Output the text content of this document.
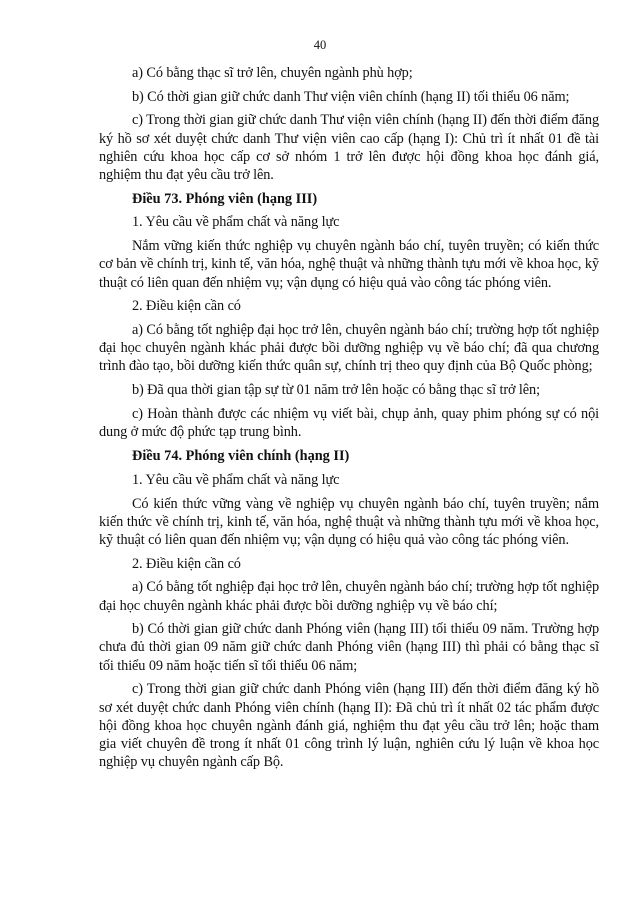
40

a) Có bằng thạc sĩ trở lên, chuyên ngành phù hợp;

b) Có thời gian giữ chức danh Thư viện viên chính (hạng II) tối thiểu 06 năm;

c) Trong thời gian giữ chức danh Thư viện viên chính (hạng II) đến thời điểm đăng ký hồ sơ xét duyệt chức danh Thư viện viên cao cấp (hạng I): Chủ trì ít nhất 01 đề tài nghiên cứu khoa học cấp cơ sở nhóm 1 trở lên được hội đồng khoa học đánh giá, nghiệm thu đạt yêu cầu trở lên.

Điều 73. Phóng viên (hạng III)

1. Yêu cầu về phẩm chất và năng lực

Nắm vững kiến thức nghiệp vụ chuyên ngành báo chí, tuyên truyền; có kiến thức cơ bản về chính trị, kinh tế, văn hóa, nghệ thuật và những thành tựu mới về khoa học, kỹ thuật có liên quan đến nhiệm vụ; vận dụng có hiệu quả vào công tác phóng viên.

2. Điều kiện cần có

a) Có bằng tốt nghiệp đại học trở lên, chuyên ngành báo chí; trường hợp tốt nghiệp đại học chuyên ngành khác phải được bồi dưỡng nghiệp vụ về báo chí; đã qua chương trình đào tạo, bồi dưỡng kiến thức quân sự, chính trị theo quy định của Bộ Quốc phòng;

b) Đã qua thời gian tập sự từ 01 năm trở lên hoặc có bằng thạc sĩ trở lên;

c) Hoàn thành được các nhiệm vụ viết bài, chụp ảnh, quay phim phóng sự có nội dung ở mức độ phức tạp trung bình.

Điều 74. Phóng viên chính (hạng II)

1. Yêu cầu về phẩm chất và năng lực

Có kiến thức vững vàng về nghiệp vụ chuyên ngành báo chí, tuyên truyền; nắm kiến thức về chính trị, kinh tế, văn hóa, nghệ thuật và những thành tựu mới về khoa học, kỹ thuật có liên quan đến nhiệm vụ; vận dụng có hiệu quả vào công tác phóng viên.

2. Điều kiện cần có

a) Có bằng tốt nghiệp đại học trở lên, chuyên ngành báo chí; trường hợp tốt nghiệp đại học chuyên ngành khác phải được bồi dưỡng nghiệp vụ về báo chí;

b) Có thời gian giữ chức danh Phóng viên (hạng III) tối thiểu 09 năm. Trường hợp chưa đủ thời gian 09 năm giữ chức danh Phóng viên (hạng III) thì phải có bằng thạc sĩ tối thiểu 09 năm hoặc tiến sĩ tối thiểu 06 năm;

c) Trong thời gian giữ chức danh Phóng viên (hạng III) đến thời điểm đăng ký hồ sơ xét duyệt chức danh Phóng viên chính (hạng II): Đã chủ trì ít nhất 02 tác phẩm được hội đồng khoa học chuyên ngành đánh giá, nghiệm thu đạt yêu cầu trở lên; hoặc tham gia viết chuyên đề trong ít nhất 01 công trình lý luận, nghiên cứu lý luận về khoa học nghiệp vụ chuyên ngành cấp Bộ.
